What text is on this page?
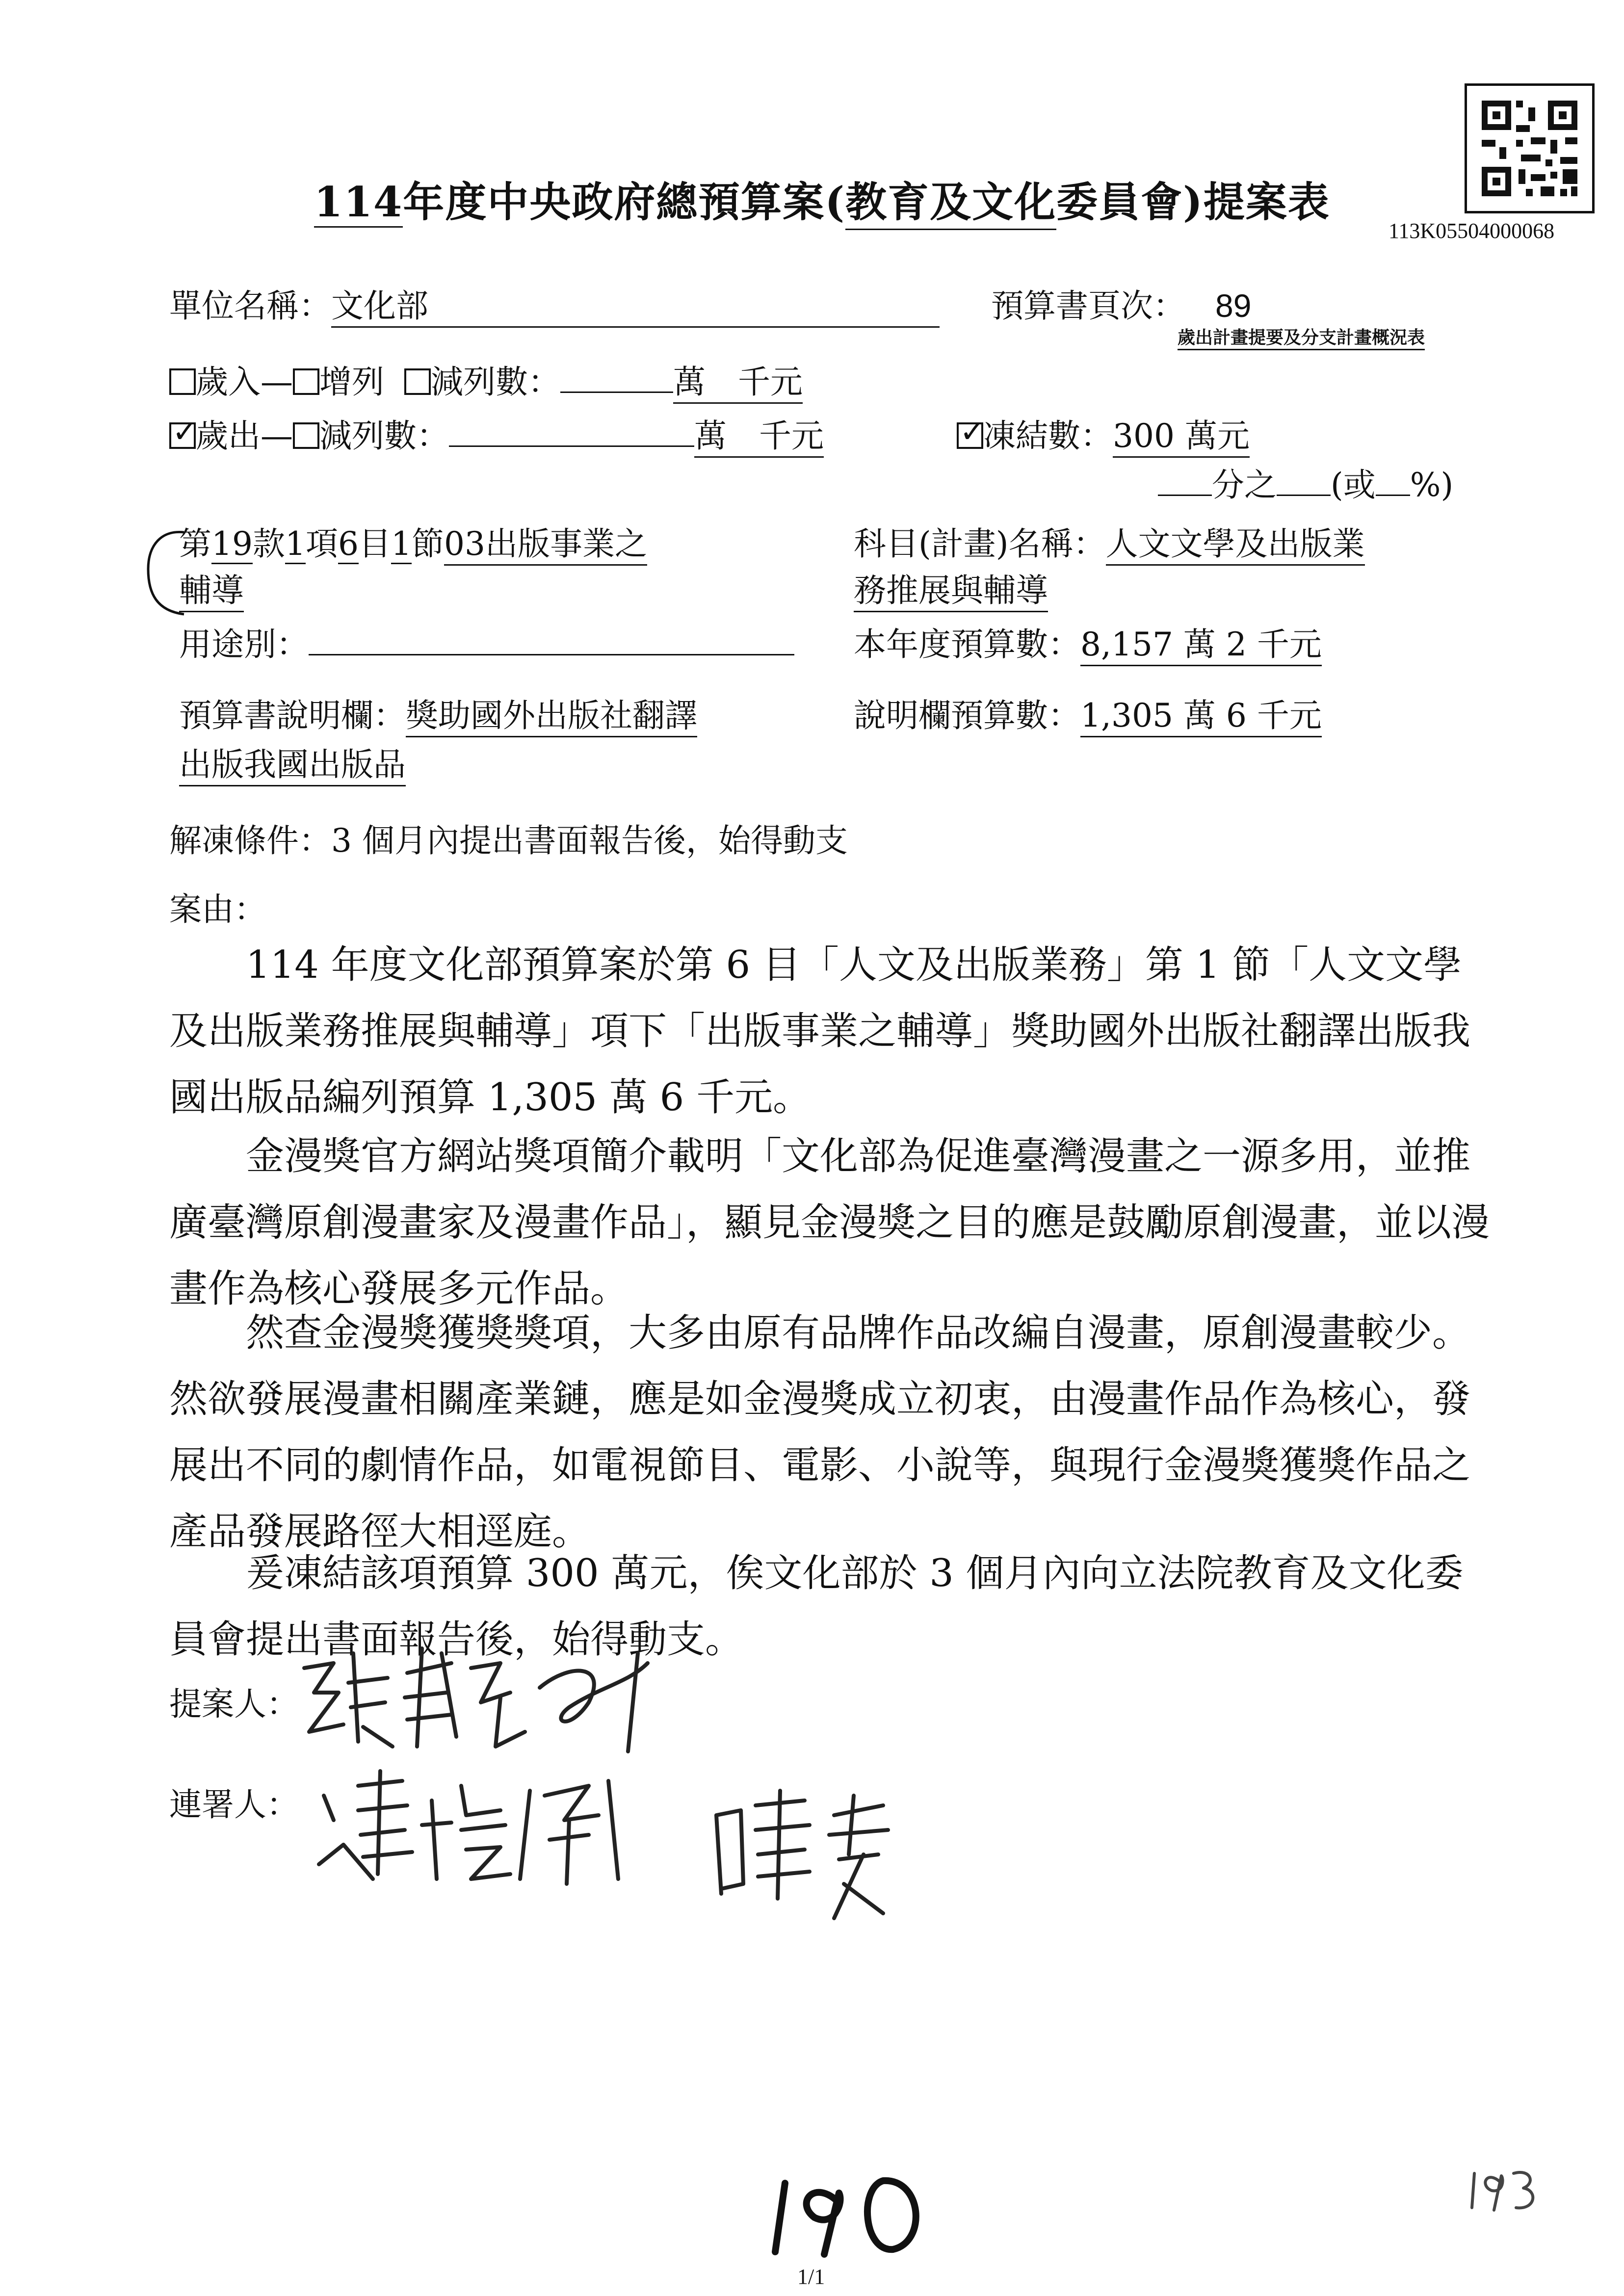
113K05504000068
114年度中央政府總預算案(教育及文化委員會)提案表
單位名稱：文化部	預算書頁次： 89
歲出計畫提要及分支計畫概況表
歲入— 增列 減列數：	萬　千元
✓歲出— 減列數：	萬　千元
✓	凍結數：300 萬元
分之 (或 %)
第19款1項6目1節03出版事業之
輔導
科目(計畫)名稱：人文文學及出版業
務推展與輔導
用途別：	本年度預算數：8,157 萬 2 千元
預算書說明欄：獎助國外出版社翻譯
出版我國出版品
說明欄預算數：1,305 萬 6 千元
解凍條件：3 個月內提出書面報告後，始得動支
案由：
114 年度文化部預算案於第 6 目「人文及出版業務」第 1 節「人文文學及出版業務推展與輔導」項下「出版事業之輔導」獎助國外出版社翻譯出版我國出版品編列預算 1,305 萬 6 千元。
金漫獎官方網站獎項簡介載明「文化部為促進臺灣漫畫之一源多用，並推廣臺灣原創漫畫家及漫畫作品」，顯見金漫獎之目的應是鼓勵原創漫畫，並以漫畫作為核心發展多元作品。
然查金漫獎獲獎獎項，大多由原有品牌作品改編自漫畫，原創漫畫較少。然欲發展漫畫相關產業鏈，應是如金漫獎成立初衷，由漫畫作品作為核心，發展出不同的劇情作品，如電視節目、電影、小說等，與現行金漫獎獲獎作品之產品發展路徑大相逕庭。
爰凍結該項預算 300 萬元，俟文化部於 3 個月內向立法院教育及文化委員會提出書面報告後，始得動支。
提案人：
連署人：
1/1
